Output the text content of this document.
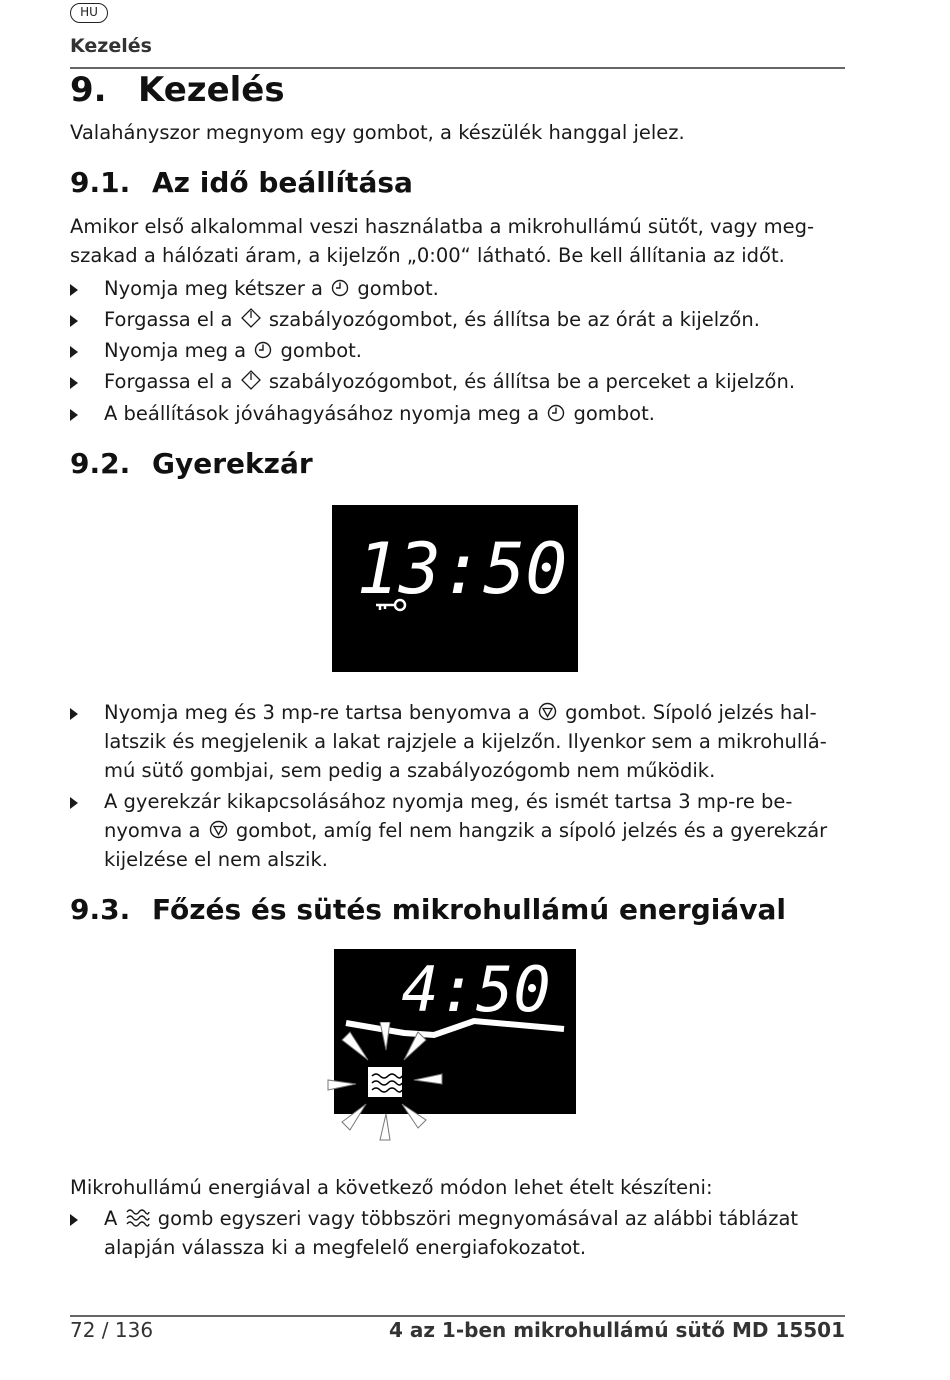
HU
Kezelés
9. Kezelés

Valahányszor megnyom egy gombot, a készülék hanggal jelez.

9.1. Az idő beállítása

Amikor első alkalommal veszi használatba a mikrohullámú sütőt, vagy meg-
szakad a hálózati áram, a kijelzőn „0:00“ látható. Be kell állítania az időt.

Nyomja meg kétszer a gombot.
Forgassa el a szabályozógombot, és állítsa be az órát a kijelzőn.
Nyomja meg a gombot.
Forgassa el a szabályozógombot, és állítsa be a perceket a kijelzőn.
A beállítások jóváhagyásához nyomja meg a gombot.
9.2. Gyerekzár
13:50
Nyomja meg és 3 mp-re tartsa benyomva a gombot. Sípoló jelzés hal-
latszik és megjelenik a lakat rajzjele a kijelzőn. Ilyenkor sem a mikrohullá-
mú sütő gombjai, sem pedig a szabályozógomb nem működik.
A gyerekzár kikapcsolásához nyomja meg, és ismét tartsa 3 mp-re be-
nyomva a gombot, amíg fel nem hangzik a sípoló jelzés és a gyerekzár
kijelzése el nem alszik.
9.3. Főzés és sütés mikrohullámú energiával
4:50

Mikrohullámú energiával a következő módon lehet ételt készíteni:

A gomb egyszeri vagy többszöri megnyomásával az alábbi táblázat
alapján válassza ki a megfelelő energiafokozatot.
72 / 136	4 az 1-ben mikrohullámú sütő MD 15501
